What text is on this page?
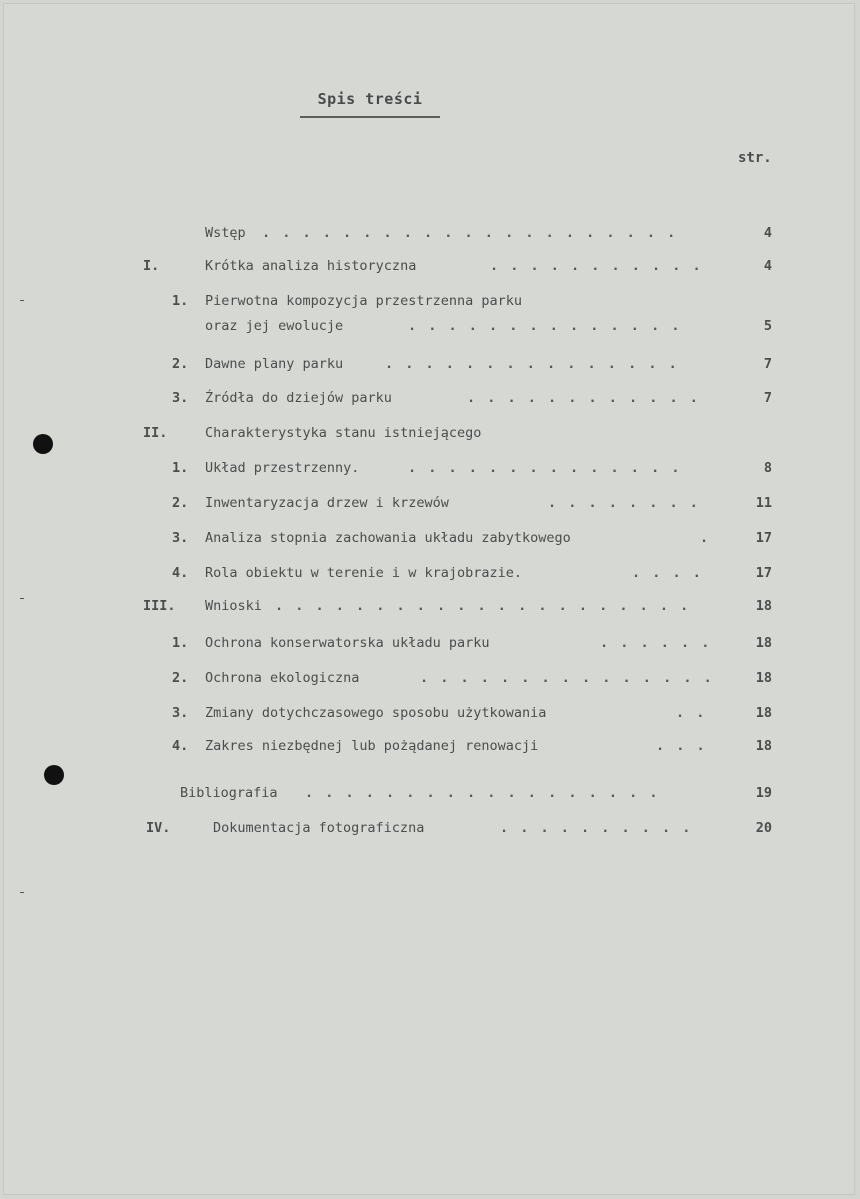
Spis treści
str.
Wstęp . . . . . . . . . . . . . . . . . . . . .	4
I.	Krótka analiza historyczna	. . . . . . . . . . .	4
1. Pierwotna kompozycja przestrzenna parku
oraz jej ewolucje	. . . . . . . . . . . . . .	5
2. Dawne plany parku	. . . . . . . . . . . . . . .	7
3. Źródła do dziejów parku	. . . . . . . . . . . .	7
II.	Charakterystyka stanu istniejącego
1. Układ przestrzenny.	. . . . . . . . . . . . . .	8
2. Inwentaryzacja drzew i krzewów	. . . . . . . .	11
3. Analiza stopnia zachowania układu zabytkowego	.	17
4. Rola obiektu w terenie i w krajobrazie.	. . . .	17
III. Wnioski . . . . . . . . . . . . . . . . . . . . .	18
1. Ochrona konserwatorska układu parku	. . . . . .	18
2. Ochrona ekologiczna	. . . . . . . . . . . . . . .	18
3. Zmiany dotychczasowego sposobu użytkowania	. .	18
4. Zakres niezbędnej lub pożądanej renowacji	. . .	18
Bibliografia . . . . . . . . . . . . . . . . . .	19
IV.	Dokumentacja fotograficzna	. . . . . . . . . .	20
